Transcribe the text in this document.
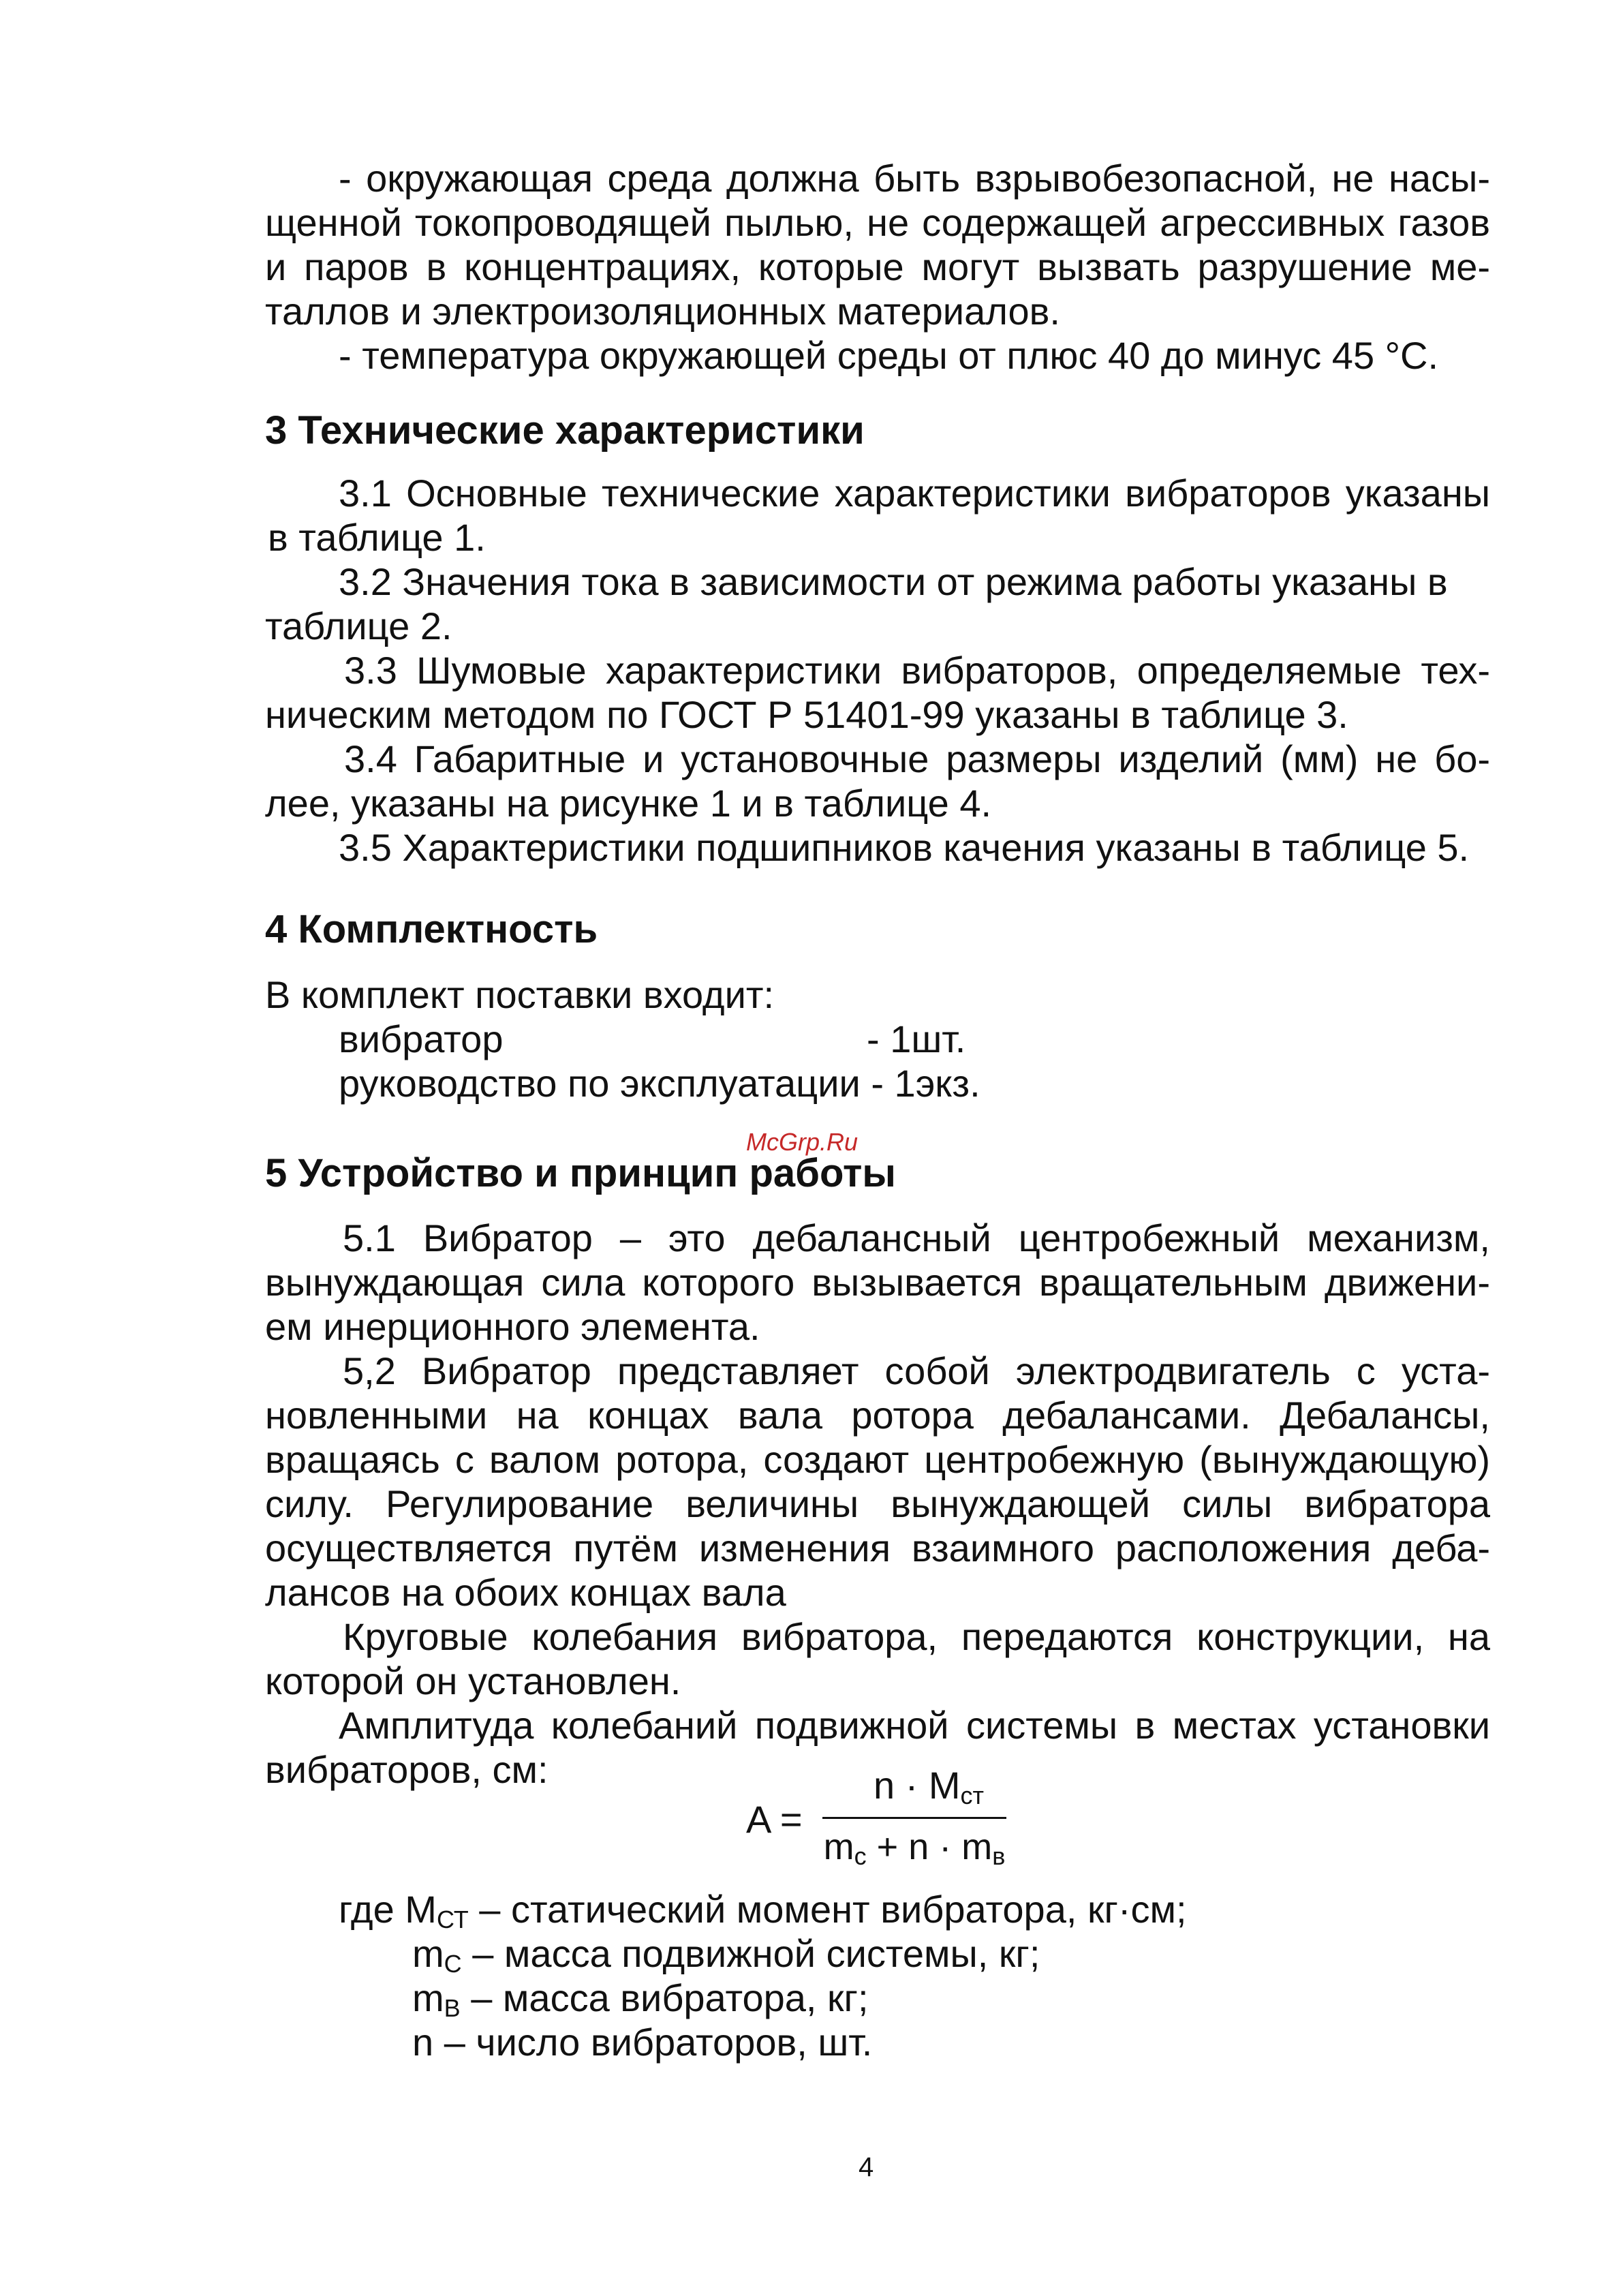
- окружающая среда должна быть взрывобезопасной, не насы-
щенной токопроводящей пылью, не содержащей агрессивных газов
и паров в концентрациях, которые могут вызвать разрушение ме-
таллов и электроизоляционных материалов.
- температура окружающей среды от плюс 40 до минус 45 °С.
3 Технические характеристики
3.1 Основные технические характеристики вибраторов указаны
в таблице 1.
3.2 Значения тока в зависимости от режима работы указаны в
таблице 2.
3.3 Шумовые характеристики вибраторов, определяемые тех-
ническим методом по ГОСТ Р 51401-99 указаны в таблице 3.
3.4 Габаритные и установочные размеры изделий (мм) не бо-
лее, указаны на рисунке 1 и в таблице 4.
3.5 Характеристики подшипников качения указаны в таблице 5.
4 Комплектность
В комплект поставки входит:
вибратор	- 1шт.
руководство по эксплуатации - 1экз.
McGrp.Ru
5 Устройство и принцип работы
5.1 Вибратор – это дебалансный центробежный механизм,
вынуждающая сила которого вызывается вращательным движени-
ем инерционного элемента.
5,2 Вибратор представляет собой электродвигатель с уста-
новленными на концах вала ротора дебалансами. Дебалансы,
вращаясь с валом ротора, создают центробежную (вынуждающую)
силу. Регулирование величины вынуждающей силы вибратора
осуществляется путём изменения взаимного расположения деба-
лансов на обоих концах вала
Круговые колебания вибратора, передаются конструкции, на
которой он установлен.
Амплитуда колебаний подвижной системы в местах установки
вибраторов, см:
A =
$n \cdot M_{ст}$
$m_c + n \cdot m_в$
где $M_{СТ}$ – статический момент вибратора, кг·см;
$m_С$ – масса подвижной системы, кг;
$m_В$ – масса вибратора, кг;
n – число вибраторов, шт.
4
